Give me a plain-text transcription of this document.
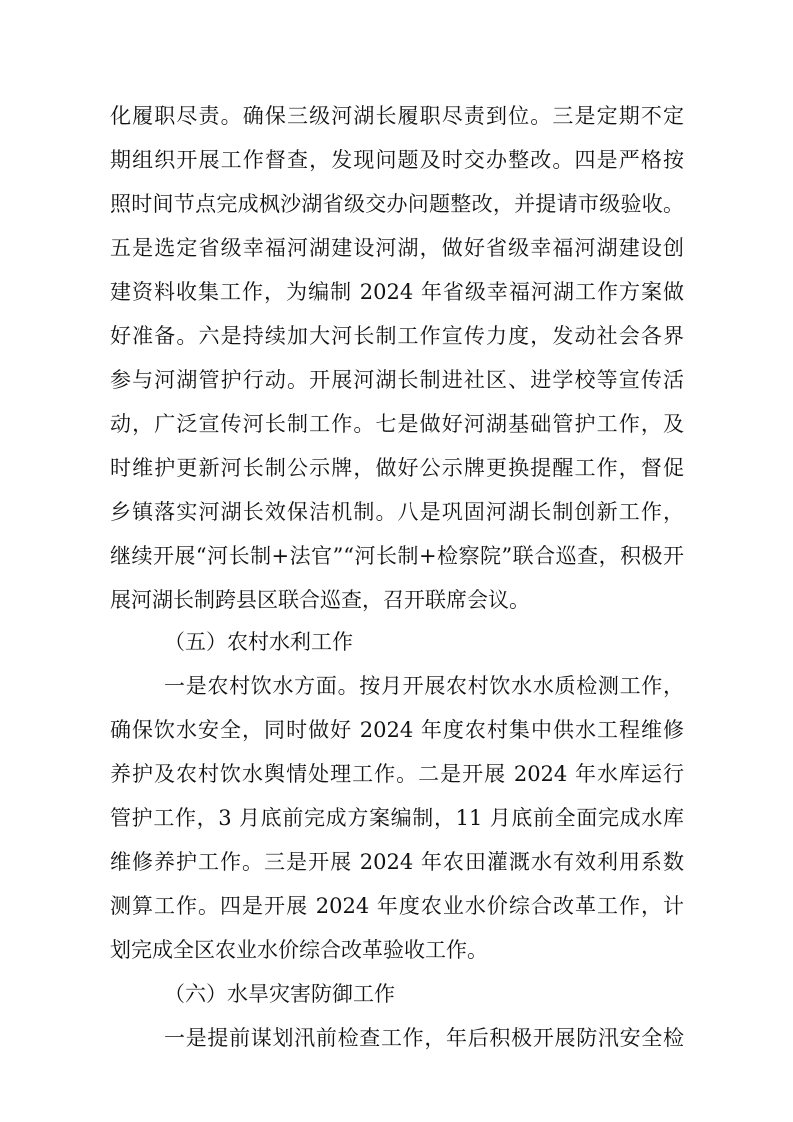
化履职尽责。确保三级河湖长履职尽责到位。三是定期不定

期组织开展工作督查，发现问题及时交办整改。四是严格按

照时间节点完成枫沙湖省级交办问题整改，并提请市级验收。

五是选定省级幸福河湖建设河湖，做好省级幸福河湖建设创

建资料收集工作，为编制 2024 年省级幸福河湖工作方案做

好准备。六是持续加大河长制工作宣传力度，发动社会各界

参与河湖管护行动。开展河湖长制进社区、进学校等宣传活

动，广泛宣传河长制工作。七是做好河湖基础管护工作，及

时维护更新河长制公示牌，做好公示牌更换提醒工作，督促

乡镇落实河湖长效保洁机制。八是巩固河湖长制创新工作，

继续开展“河长制+法官”“河长制+检察院”联合巡查，积极开

展河湖长制跨县区联合巡查，召开联席会议。

（五）农村水利工作

一是农村饮水方面。按月开展农村饮水水质检测工作，

确保饮水安全，同时做好 2024 年度农村集中供水工程维修

养护及农村饮水舆情处理工作。二是开展 2024 年水库运行

管护工作，3 月底前完成方案编制，11 月底前全面完成水库

维修养护工作。三是开展 2024 年农田灌溉水有效利用系数

测算工作。四是开展 2024 年度农业水价综合改革工作，计

划完成全区农业水价综合改革验收工作。

（六）水旱灾害防御工作

一是提前谋划汛前检查工作，年后积极开展防汛安全检
